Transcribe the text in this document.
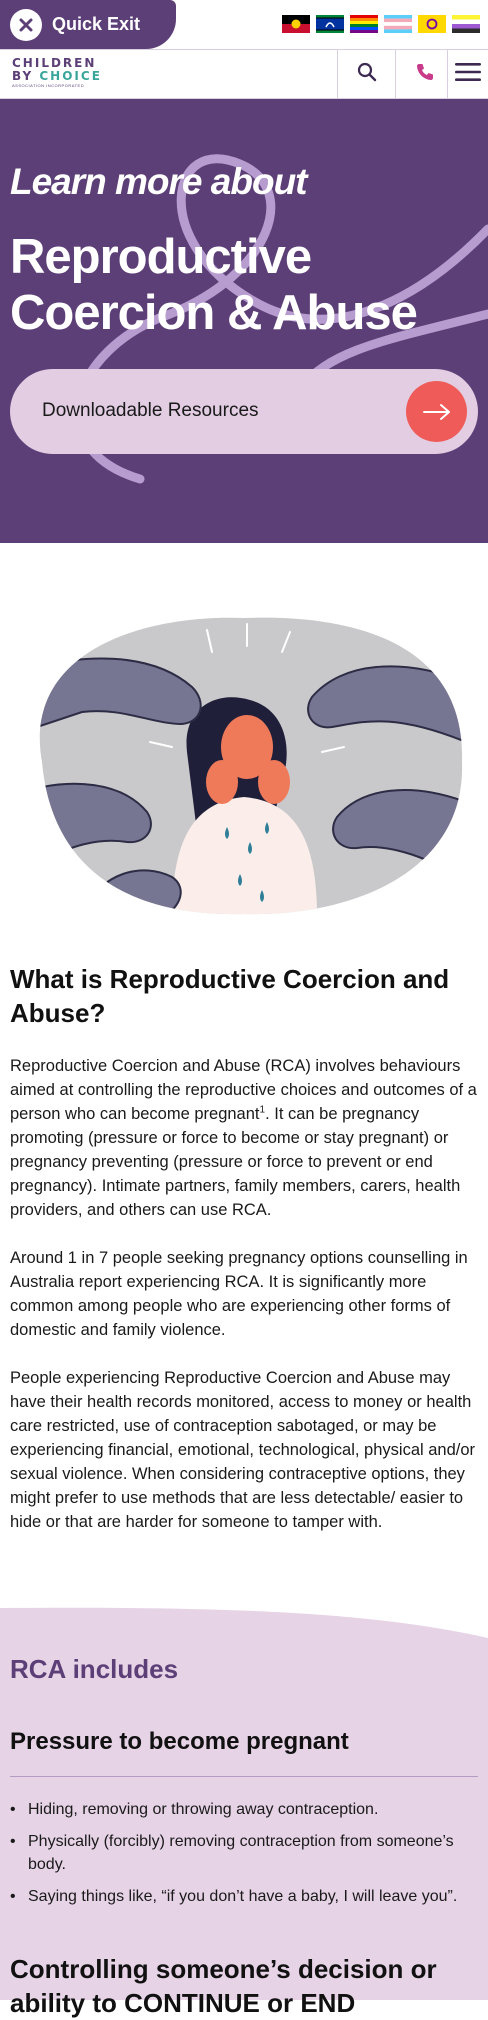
Quick Exit
CHILDREN
BY CHOICE
ASSOCIATION INCORPORATED
Learn more about
Reproductive Coercion & Abuse
Downloadable Resources
What is Reproductive Coercion and Abuse?

Reproductive Coercion and Abuse (RCA) involves behaviours aimed at controlling the reproductive choices and outcomes of a person who can become pregnant$^1$. It can be pregnancy promoting (pressure or force to become or stay pregnant) or pregnancy preventing (pressure or force to prevent or end pregnancy). Intimate partners, family members, carers, health providers, and others can use RCA.

Around 1 in 7 people seeking pregnancy options counselling in Australia report experiencing RCA. It is significantly more common among people who are experiencing other forms of domestic and family violence.

People experiencing Reproductive Coercion and Abuse may have their health records monitored, access to money or health care restricted, use of contraception sabotaged, or may be experiencing financial, emotional, technological, physical and/or sexual violence. When considering contraceptive options, they might prefer to use methods that are less detectable/ easier to hide or that are harder for someone to tamper with.

RCA includes
Pressure to become pregnant
• Hiding, removing or throwing away contraception.
• Physically (forcibly) removing contraception from someone’s body.
• Saying things like, “if you don’t have a baby, I will leave you”.
Controlling someone’s decision or ability to CONTINUE or END
